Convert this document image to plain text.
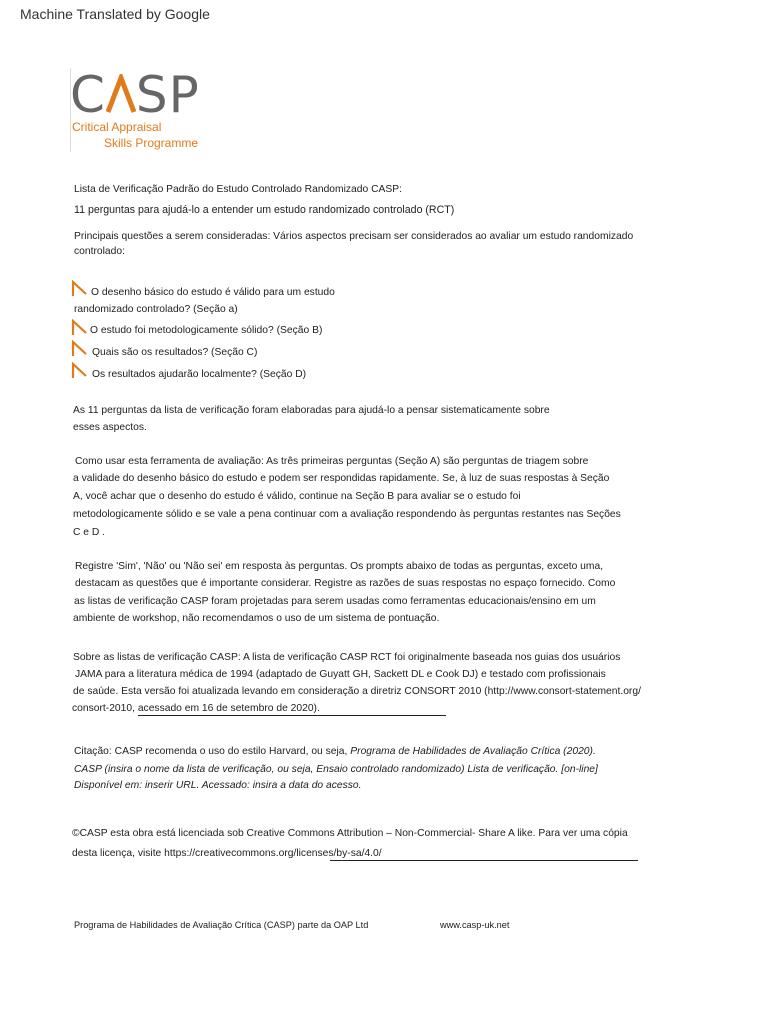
Machine Translated by Google
C SP
Critical Appraisal
Skills Programme
Lista de Verificação Padrão do Estudo Controlado Randomizado CASP:
11 perguntas para ajudá-lo a entender um estudo randomizado controlado (RCT)
Principais questões a serem consideradas: Vários aspectos precisam ser considerados ao avaliar um estudo randomizado
controlado:
O desenho básico do estudo é válido para um estudo
randomizado controlado? (Seção a)
O estudo foi metodologicamente sólido? (Seção B)
Quais são os resultados? (Seção C)
Os resultados ajudarão localmente? (Seção D)
As 11 perguntas da lista de verificação foram elaboradas para ajudá-lo a pensar sistematicamente sobre
esses aspectos.
Como usar esta ferramenta de avaliação: As três primeiras perguntas (Seção A) são perguntas de triagem sobre
a validade do desenho básico do estudo e podem ser respondidas rapidamente. Se, à luz de suas respostas à Seção
A, você achar que o desenho do estudo é válido, continue na Seção B para avaliar se o estudo foi
metodologicamente sólido e se vale a pena continuar com a avaliação respondendo às perguntas restantes nas Seções
C e D .
Registre 'Sim', 'Não' ou 'Não sei' em resposta às perguntas. Os prompts abaixo de todas as perguntas, exceto uma,
destacam as questões que é importante considerar. Registre as razões de suas respostas no espaço fornecido. Como
as listas de verificação CASP foram projetadas para serem usadas como ferramentas educacionais/ensino em um
ambiente de workshop, não recomendamos o uso de um sistema de pontuação.
Sobre as listas de verificação CASP: A lista de verificação CASP RCT foi originalmente baseada nos guias dos usuários
JAMA para a literatura médica de 1994 (adaptado de Guyatt GH, Sackett DL e Cook DJ) e testado com profissionais
de saúde. Esta versão foi atualizada levando em consideração a diretriz CONSORT 2010 (http://www.consort-statement.org/
consort-2010, acessado em 16 de setembro de 2020).
Citação: CASP recomenda o uso do estilo Harvard, ou seja, Programa de Habilidades de Avaliação Crítica (2020).
CASP (insira o nome da lista de verificação, ou seja, Ensaio controlado randomizado) Lista de verificação. [on-line]
Disponível em: inserir URL. Acessado: insira a data do acesso.
©CASP esta obra está licenciada sob Creative Commons Attribution – Non-Commercial- Share A like. Para ver uma cópia
desta licença, visite https://creativecommons.org/licenses/by-sa/4.0/
Programa de Habilidades de Avaliação Crítica (CASP) parte da OAP Ltd	www.casp-uk.net
